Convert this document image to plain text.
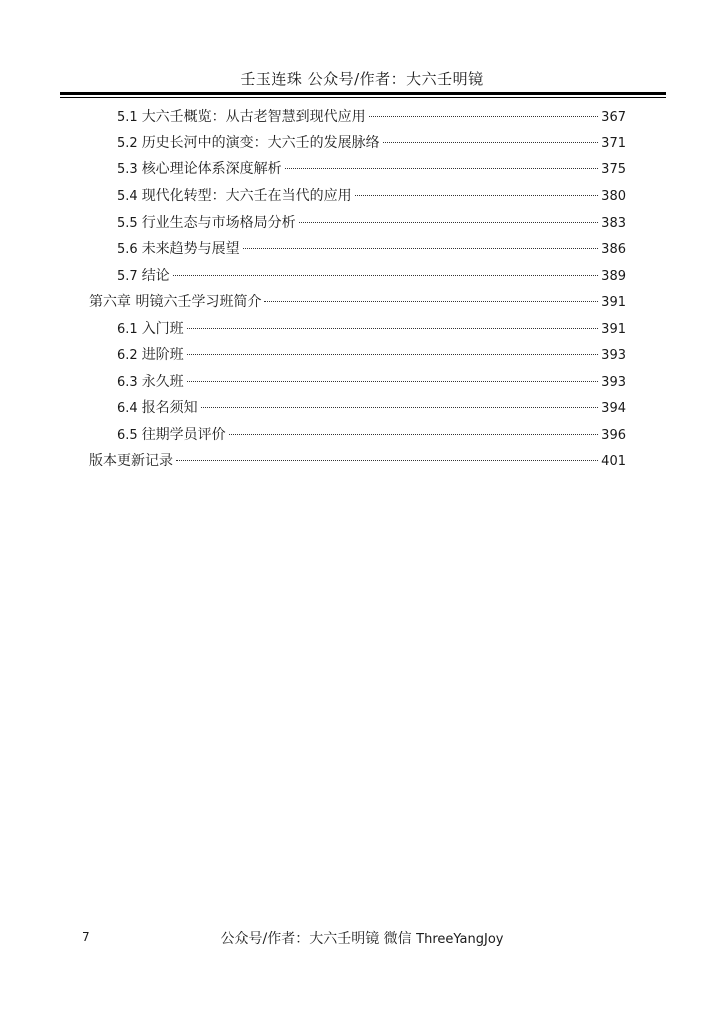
壬玉连珠 公众号/作者：大六壬明镜
5.1 大六壬概览：从古老智慧到现代应用	367
5.2 历史长河中的演变：大六壬的发展脉络	371
5.3 核心理论体系深度解析	375
5.4 现代化转型：大六壬在当代的应用	380
5.5 行业生态与市场格局分析	383
5.6 未来趋势与展望	386
5.7 结论	389
第六章 明镜六壬学习班简介	391
6.1 入门班	391
6.2 进阶班	393
6.3 永久班	393
6.4 报名须知	394
6.5 往期学员评价	396
版本更新记录	401
7	公众号/作者：大六壬明镜 微信 ThreeYangJoy
